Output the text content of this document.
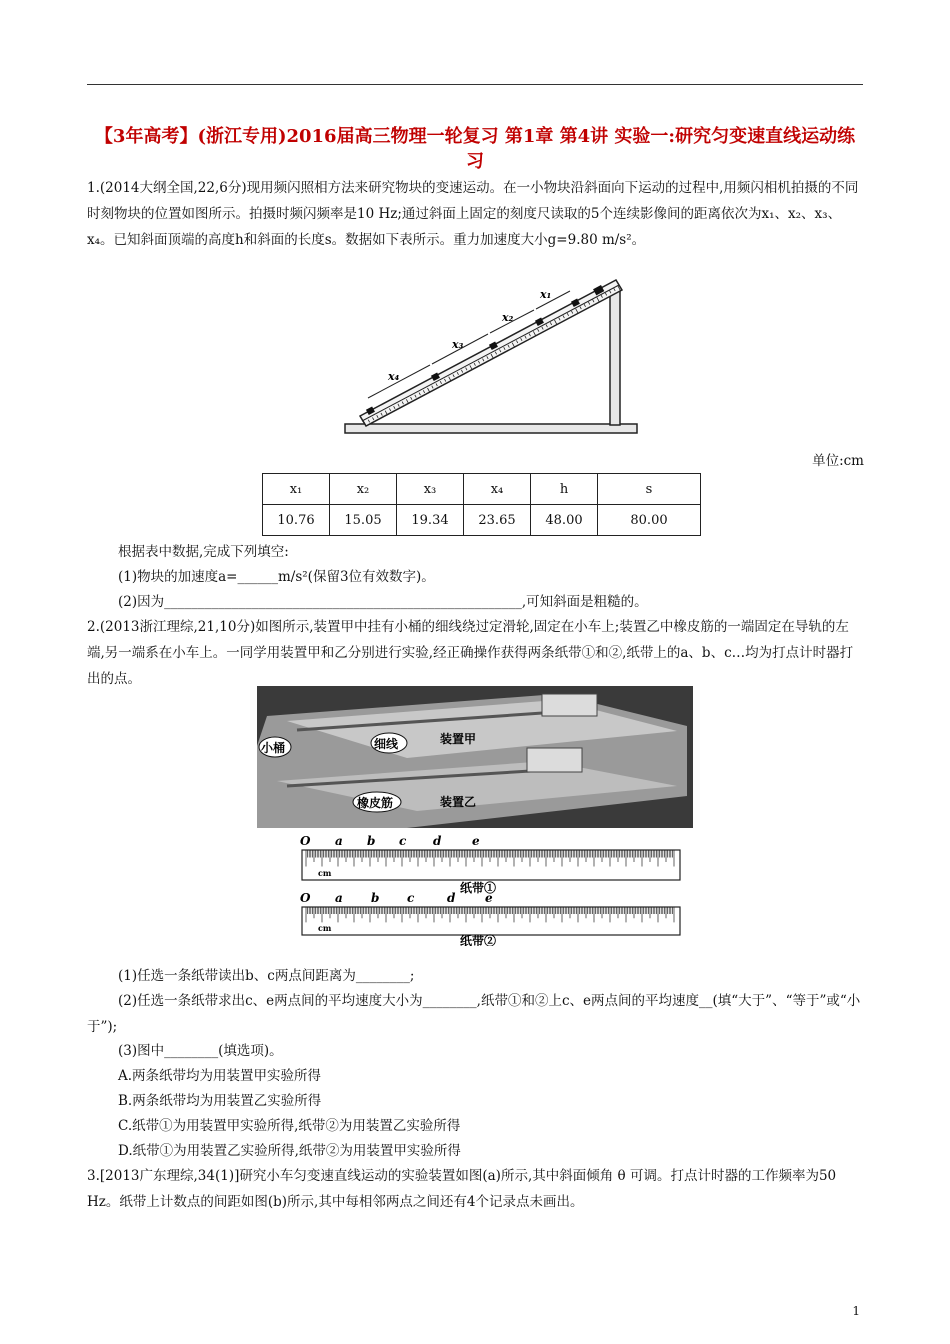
【3年高考】(浙江专用)2016届高三物理一轮复习 第1章 第4讲 实验一:研究匀变速直线运动练习
1.(2014大纲全国,22,6分)现用频闪照相方法来研究物块的变速运动。在一小物块沿斜面向下运动的过程中,用频闪相机拍摄的不同时刻物块的位置如图所示。拍摄时频闪频率是10 Hz;通过斜面上固定的刻度尺读取的5个连续影像间的距离依次为x₁、x₂、x₃、x₄。已知斜面顶端的高度h和斜面的长度s。数据如下表所示。重力加速度大小g=9.80 m/s²。
x₄
x₃
x₂
x₁
单位:cm
x₁	x₂	x₃	x₄	h	s
10.76	15.05	19.34	23.65	48.00	80.00
根据表中数据,完成下列填空:
(1)物块的加速度a=______m/s²(保留3位有效数字)。
(2)因为_____________________________________________________,可知斜面是粗糙的。
2.(2013浙江理综,21,10分)如图所示,装置甲中挂有小桶的细线绕过定滑轮,固定在小车上;装置乙中橡皮筋的一端固定在导轨的左端,另一端系在小车上。一同学用装置甲和乙分别进行实验,经正确操作获得两条纸带①和②,纸带上的a、b、c…均为打点计时器打出的点。
小桶	细线	装置甲
橡皮筋	装置乙
O a b c d	e
cm
纸带①
O a b c	d e
cm
纸带②
(1)任选一条纸带读出b、c两点间距离为________;
(2)任选一条纸带求出c、e两点间的平均速度大小为________,纸带①和②上c、e两点间的平均速度__(填“大于”、“等于”或“小于”);
(3)图中________(填选项)。
A.两条纸带均为用装置甲实验所得
B.两条纸带均为用装置乙实验所得
C.纸带①为用装置甲实验所得,纸带②为用装置乙实验所得
D.纸带①为用装置乙实验所得,纸带②为用装置甲实验所得
3.[2013广东理综,34(1)]研究小车匀变速直线运动的实验装置如图(a)所示,其中斜面倾角 θ 可调。打点计时器的工作频率为50 Hz。纸带上计数点的间距如图(b)所示,其中每相邻两点之间还有4个记录点未画出。
1
